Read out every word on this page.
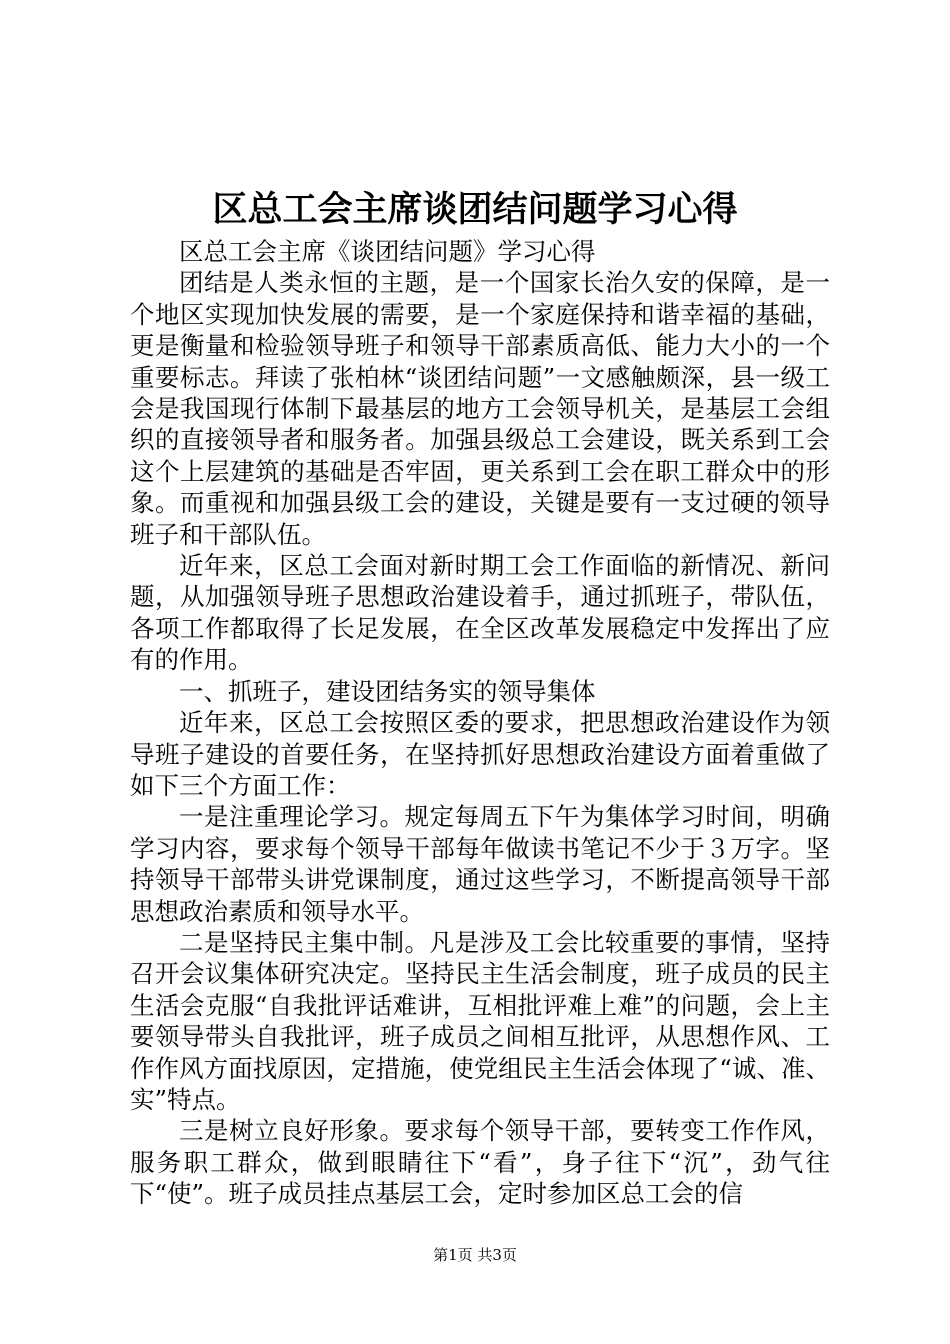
区总工会主席谈团结问题学习心得

区总工会主席《谈团结问题》学习心得

团结是人类永恒的主题，是一个国家长治久安的保障，是一个地区实现加快发展的需要，是一个家庭保持和谐幸福的基础，更是衡量和检验领导班子和领导干部素质高低、能力大小的一个重要标志。拜读了张柏林“谈团结问题”一文感触颇深，县一级工会是我国现行体制下最基层的地方工会领导机关，是基层工会组织的直接领导者和服务者。加强县级总工会建设，既关系到工会这个上层建筑的基础是否牢固，更关系到工会在职工群众中的形象。而重视和加强县级工会的建设，关键是要有一支过硬的领导班子和干部队伍。

近年来，区总工会面对新时期工会工作面临的新情况、新问题，从加强领导班子思想政治建设着手，通过抓班子，带队伍，各项工作都取得了长足发展，在全区改革发展稳定中发挥出了应有的作用。

一、抓班子，建设团结务实的领导集体

近年来，区总工会按照区委的要求，把思想政治建设作为领导班子建设的首要任务，在坚持抓好思想政治建设方面着重做了如下三个方面工作：

一是注重理论学习。规定每周五下午为集体学习时间，明确学习内容，要求每个领导干部每年做读书笔记不少于３万字。坚持领导干部带头讲党课制度，通过这些学习，不断提高领导干部思想政治素质和领导水平。

二是坚持民主集中制。凡是涉及工会比较重要的事情，坚持召开会议集体研究决定。坚持民主生活会制度，班子成员的民主生活会克服“自我批评话难讲，互相批评难上难”的问题，会上主要领导带头自我批评，班子成员之间相互批评，从思想作风、工作作风方面找原因，定措施，使党组民主生活会体现了“诚、准、实”特点。

三是树立良好形象。要求每个领导干部，要转变工作作风，服务职工群众，做到眼睛往下“看”，身子往下“沉”，劲气往下“使”。班子成员挂点基层工会，定时参加区总工会的信

第1页 共3页
